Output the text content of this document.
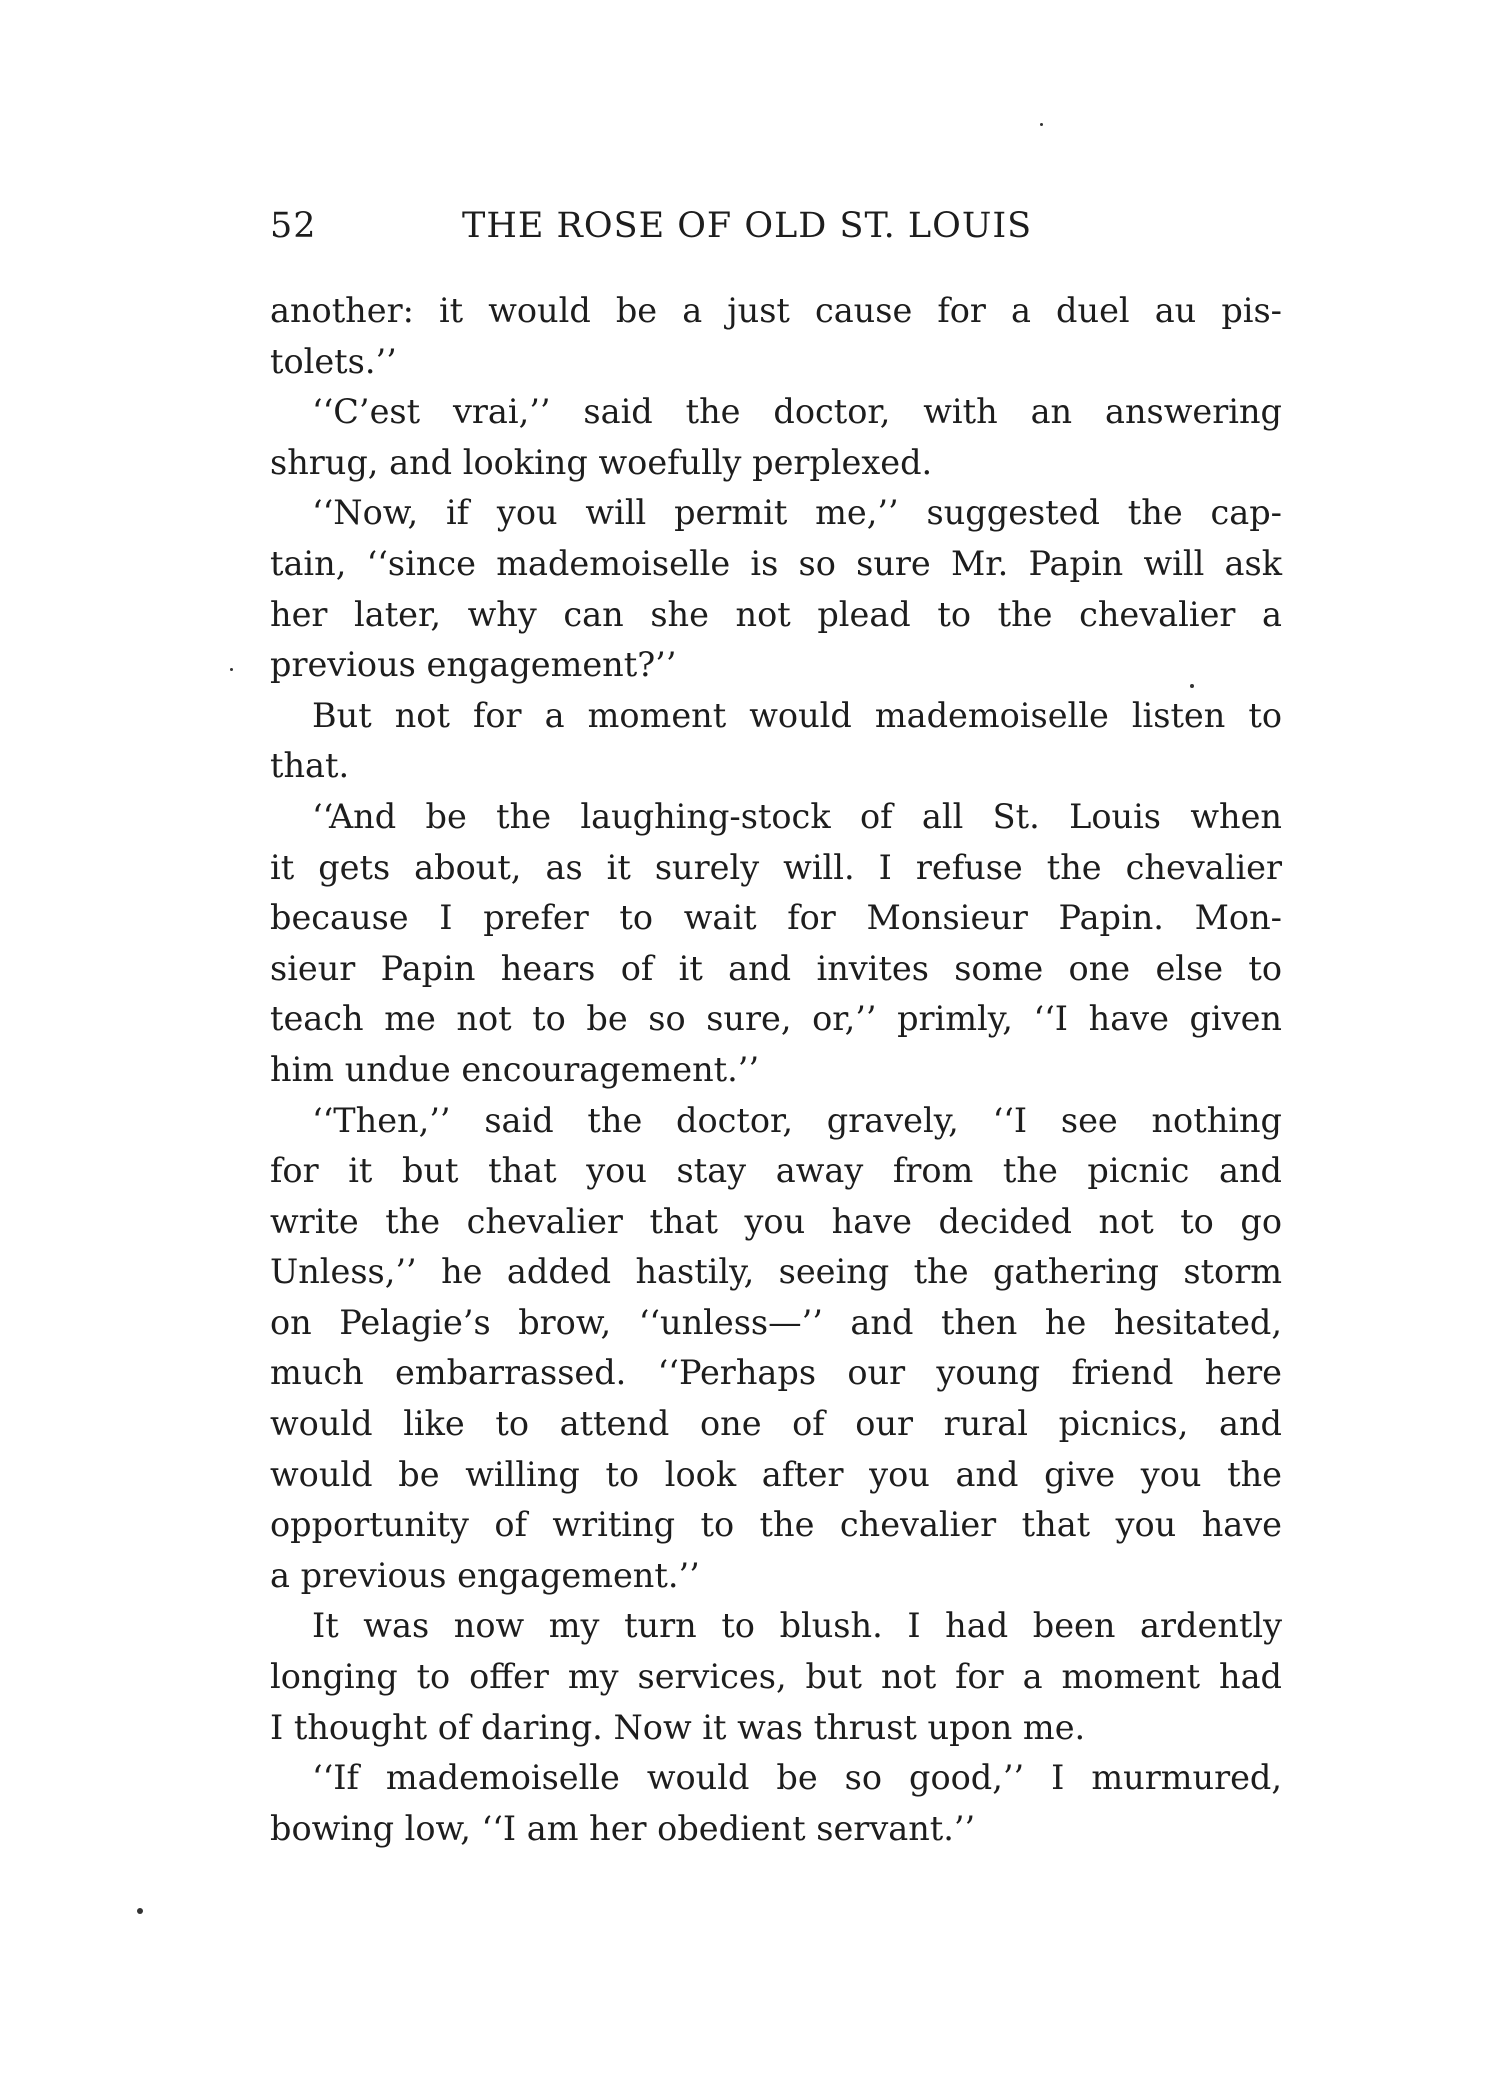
52	THE ROSE OF OLD ST. LOUIS
another: it would be a just cause for a duel au pis-
tolets.’’
‘‘C’est vrai,’’ said the doctor, with an answering
shrug, and looking woefully perplexed.
‘‘Now, if you will permit me,’’ suggested the cap-
tain, ‘‘since mademoiselle is so sure Mr. Papin will ask
her later, why can she not plead to the chevalier a
previous engagement?’’
But not for a moment would mademoiselle listen to
that.
‘‘And be the laughing-stock of all St. Louis when
it gets about, as it surely will. I refuse the chevalier
because I prefer to wait for Monsieur Papin. Mon-
sieur Papin hears of it and invites some one else to
teach me not to be so sure, or,’’ primly, ‘‘I have given
him undue encouragement.’’
‘‘Then,’’ said the doctor, gravely, ‘‘I see nothing
for it but that you stay away from the picnic and
write the chevalier that you have decided not to go
Unless,’’ he added hastily, seeing the gathering storm
on Pelagie’s brow, ‘‘unless—’’ and then he hesitated,
much embarrassed. ‘‘Perhaps our young friend here
would like to attend one of our rural picnics, and
would be willing to look after you and give you the
opportunity of writing to the chevalier that you have
a previous engagement.’’
It was now my turn to blush. I had been ardently
longing to offer my services, but not for a moment had
I thought of daring. Now it was thrust upon me.
‘‘If mademoiselle would be so good,’’ I murmured,
bowing low, ‘‘I am her obedient servant.’’
